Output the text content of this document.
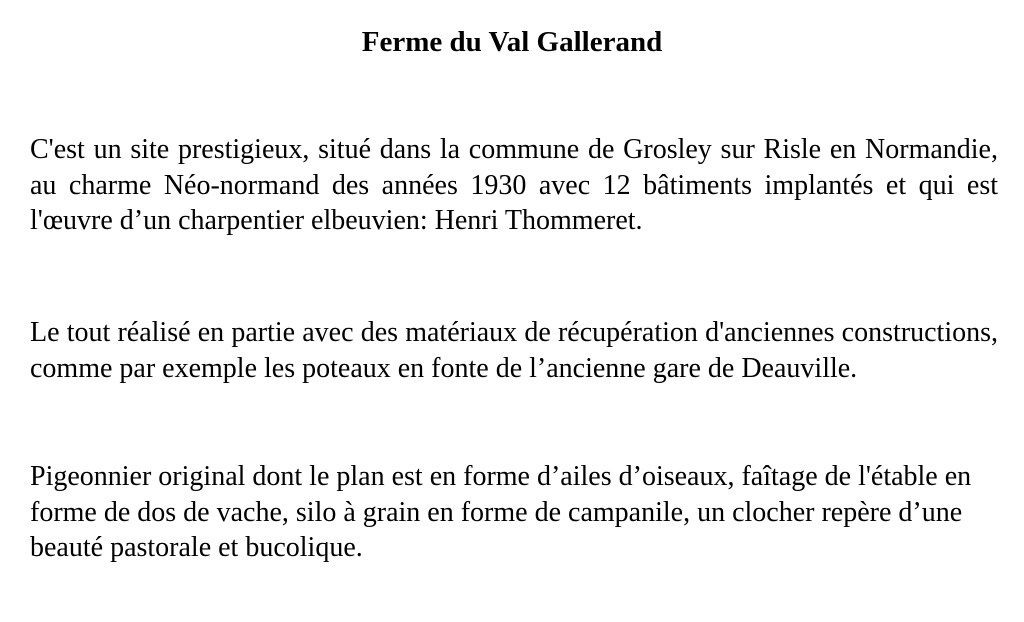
Ferme du Val Gallerand

C'est un site prestigieux, situé dans la commune de Grosley sur Risle en Normandie, au charme Néo-normand des années 1930 avec 12 bâtiments implantés et qui est l'œuvre d’un charpentier elbeuvien: Henri Thommeret.

Le tout réalisé en partie avec des matériaux de récupération d'anciennes constructions, comme par exemple les poteaux en fonte de l’ancienne gare de Deauville.

Pigeonnier original dont le plan est en forme d’ailes d’oiseaux, faîtage de l'étable en forme de dos de vache, silo à grain en forme de campanile, un clocher repère d’une beauté pastorale et bucolique.
